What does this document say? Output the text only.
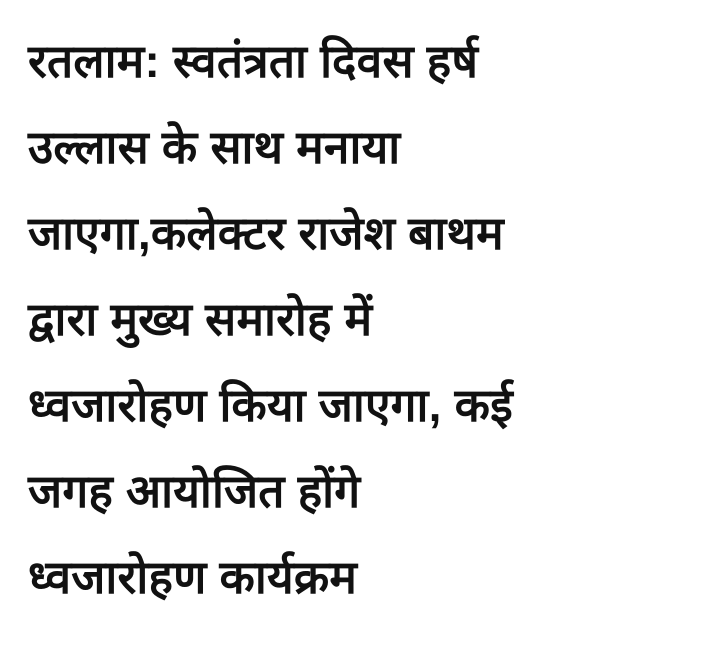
रतलाम: स्वतंत्रता दिवस हर्ष
उल्लास के साथ मनाया
जाएगा,कलेक्टर राजेश बाथम
द्वारा मुख्य समारोह में
ध्वजारोहण किया जाएगा, कई
जगह आयोजित होंगे
ध्वजारोहण कार्यक्रम
